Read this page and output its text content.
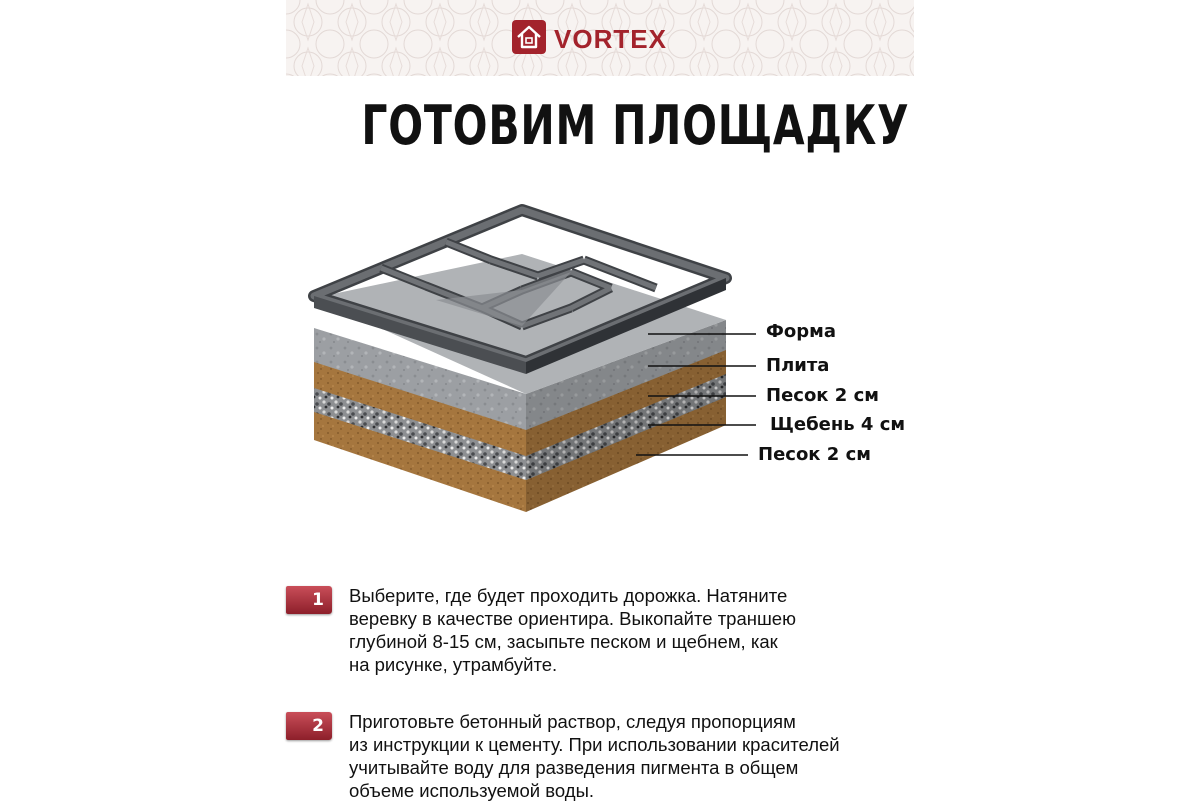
VORTEX
ГОТОВИМ ПЛОЩАДКУ
Форма
Плита
Песок 2 см
Щебень 4 см
Песок 2 см
1	Выберите, где будет проходить дорожка. Натяните
веревку в качестве ориентира. Выкопайте траншею
глубиной 8-15 см, засыпьте песком и щебнем, как
на рисунке, утрамбуйте.
2	Приготовьте бетонный раствор, следуя пропорциям
из инструкции к цементу. При использовании красителей
учитывайте воду для разведения пигмента в общем
объеме используемой воды.
